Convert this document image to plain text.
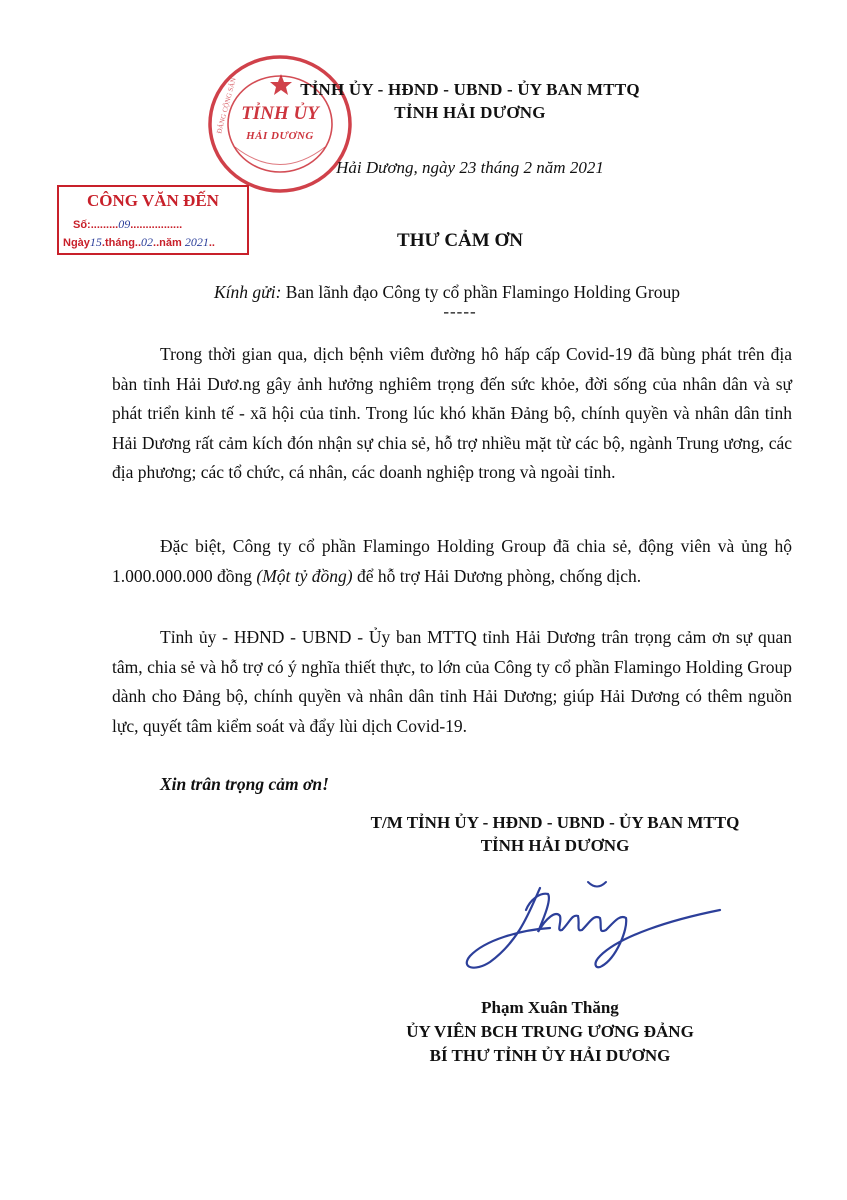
ĐẢNG CỘNG SẢN TỈNH ỦY
HẢI DƯƠNG
TỈNH ỦY - HĐND - UBND - ỦY BAN MTTQ
TỈNH HẢI DƯƠNG
Hải Dương, ngày 23 tháng 2 năm 2021
CÔNG VĂN ĐẾN
Số:.........09.................
Ngày15.tháng..02..năm 2021..	THƯ CẢM ƠN
Kính gửi: Ban lãnh đạo Công ty cổ phần Flamingo Holding Group
-----

Trong thời gian qua, dịch bệnh viêm đường hô hấp cấp Covid-19 đã bùng phát trên địa bàn tỉnh Hải Dươ.ng gây ảnh hưởng nghiêm trọng đến sức khỏe, đời sống của nhân dân và sự phát triển kinh tế - xã hội của tỉnh. Trong lúc khó khăn Đảng bộ, chính quyền và nhân dân tỉnh Hải Dương rất cảm kích đón nhận sự chia sẻ, hỗ trợ nhiều mặt từ các bộ, ngành Trung ương, các địa phương; các tổ chức, cá nhân, các doanh nghiệp trong và ngoài tỉnh.

Đặc biệt, Công ty cổ phần Flamingo Holding Group đã chia sẻ, động viên và ủng hộ 1.000.000.000 đồng (Một tỷ đồng) để hỗ trợ Hải Dương phòng, chống dịch.

Tỉnh ủy - HĐND - UBND - Ủy ban MTTQ tỉnh Hải Dương trân trọng cảm ơn sự quan tâm, chia sẻ và hỗ trợ có ý nghĩa thiết thực, to lớn của Công ty cổ phần Flamingo Holding Group dành cho Đảng bộ, chính quyền và nhân dân tỉnh Hải Dương; giúp Hải Dương có thêm nguồn lực, quyết tâm kiểm soát và đẩy lùi dịch Covid-19.

Xin trân trọng cảm ơn!
T/M TỈNH ỦY - HĐND - UBND - ỦY BAN MTTQ
TỈNH HẢI DƯƠNG
Phạm Xuân Thăng
ỦY VIÊN BCH TRUNG ƯƠNG ĐẢNG
BÍ THƯ TỈNH ỦY HẢI DƯƠNG
